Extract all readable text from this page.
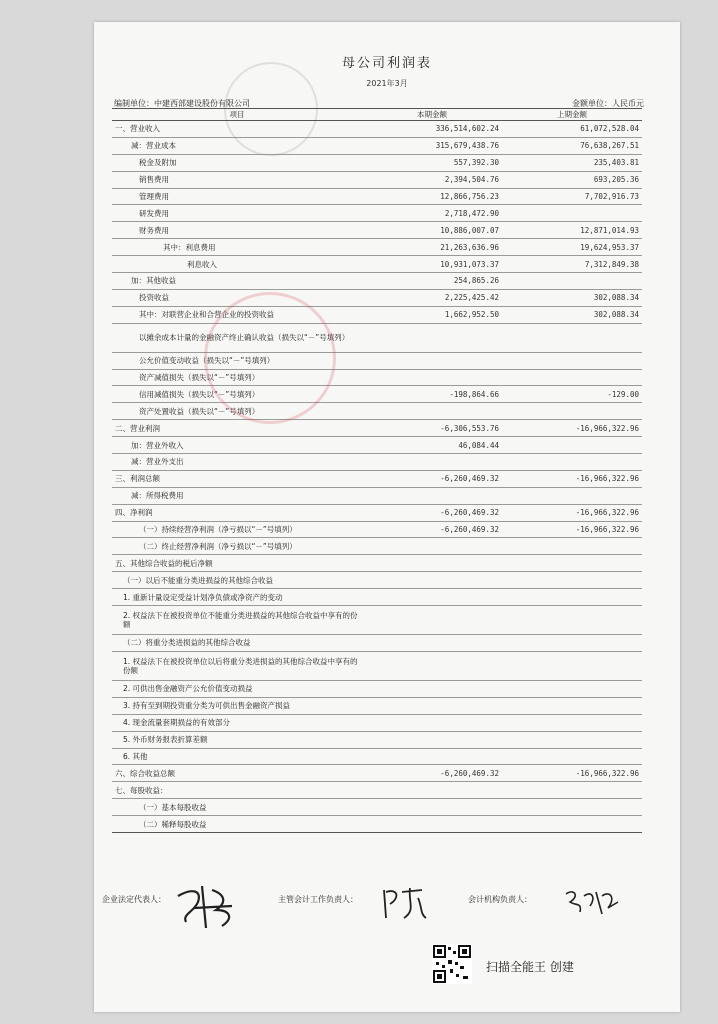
母公司利润表
2021年3月
编制单位：中建西部建设股份有限公司	金额单位：人民币元
项目	本期金额	上期金额
一、营业收入	336,514,602.24	61,072,528.04
减：营业成本	315,679,438.76	76,638,267.51
税金及附加	557,392.30	235,403.81
销售费用	2,394,504.76	693,205.36
管理费用	12,866,756.23	7,702,916.73
研发费用	2,718,472.90	
财务费用	10,886,007.07	12,871,014.93
其中：利息费用	21,263,636.96	19,624,953.37
利息收入	10,931,073.37	7,312,849.38
加：其他收益	254,865.26	
投资收益	2,225,425.42	302,088.34
其中：对联营企业和合营企业的投资收益	1,662,952.50	302,088.34
以摊余成本计量的金融资产终止确认收益（损失以“－”号填列）		
公允价值变动收益（损失以“－”号填列）		
资产减值损失（损失以“－”号填列）		
信用减值损失（损失以“－”号填列）	-198,864.66	-129.00
资产处置收益（损失以“－”号填列）		
二、营业利润	-6,306,553.76	-16,966,322.96
加：营业外收入	46,084.44	
减：营业外支出		
三、利润总额	-6,260,469.32	-16,966,322.96
减：所得税费用		
四、净利润	-6,260,469.32	-16,966,322.96
（一）持续经营净利润（净亏损以“－”号填列）	-6,260,469.32	-16,966,322.96
（二）终止经营净利润（净亏损以“－”号填列）		
五、其他综合收益的税后净额		
（一）以后不能重分类进损益的其他综合收益		
1. 重新计量设定受益计划净负债或净资产的变动		
2. 权益法下在被投资单位不能重分类进损益的其他综合收益中享有的份额		
（二）将重分类进损益的其他综合收益		
1. 权益法下在被投资单位以后将重分类进损益的其他综合收益中享有的份额		
2. 可供出售金融资产公允价值变动损益		
3. 持有至到期投资重分类为可供出售金融资产损益		
4. 现金流量套期损益的有效部分		
5. 外币财务报表折算差额		
6. 其他		
六、综合收益总额	-6,260,469.32	-16,966,322.96
七、每股收益：		
（一）基本每股收益		
（二）稀释每股收益		
企业法定代表人：	主管会计工作负责人：	会计机构负责人：
扫描全能王 创建
